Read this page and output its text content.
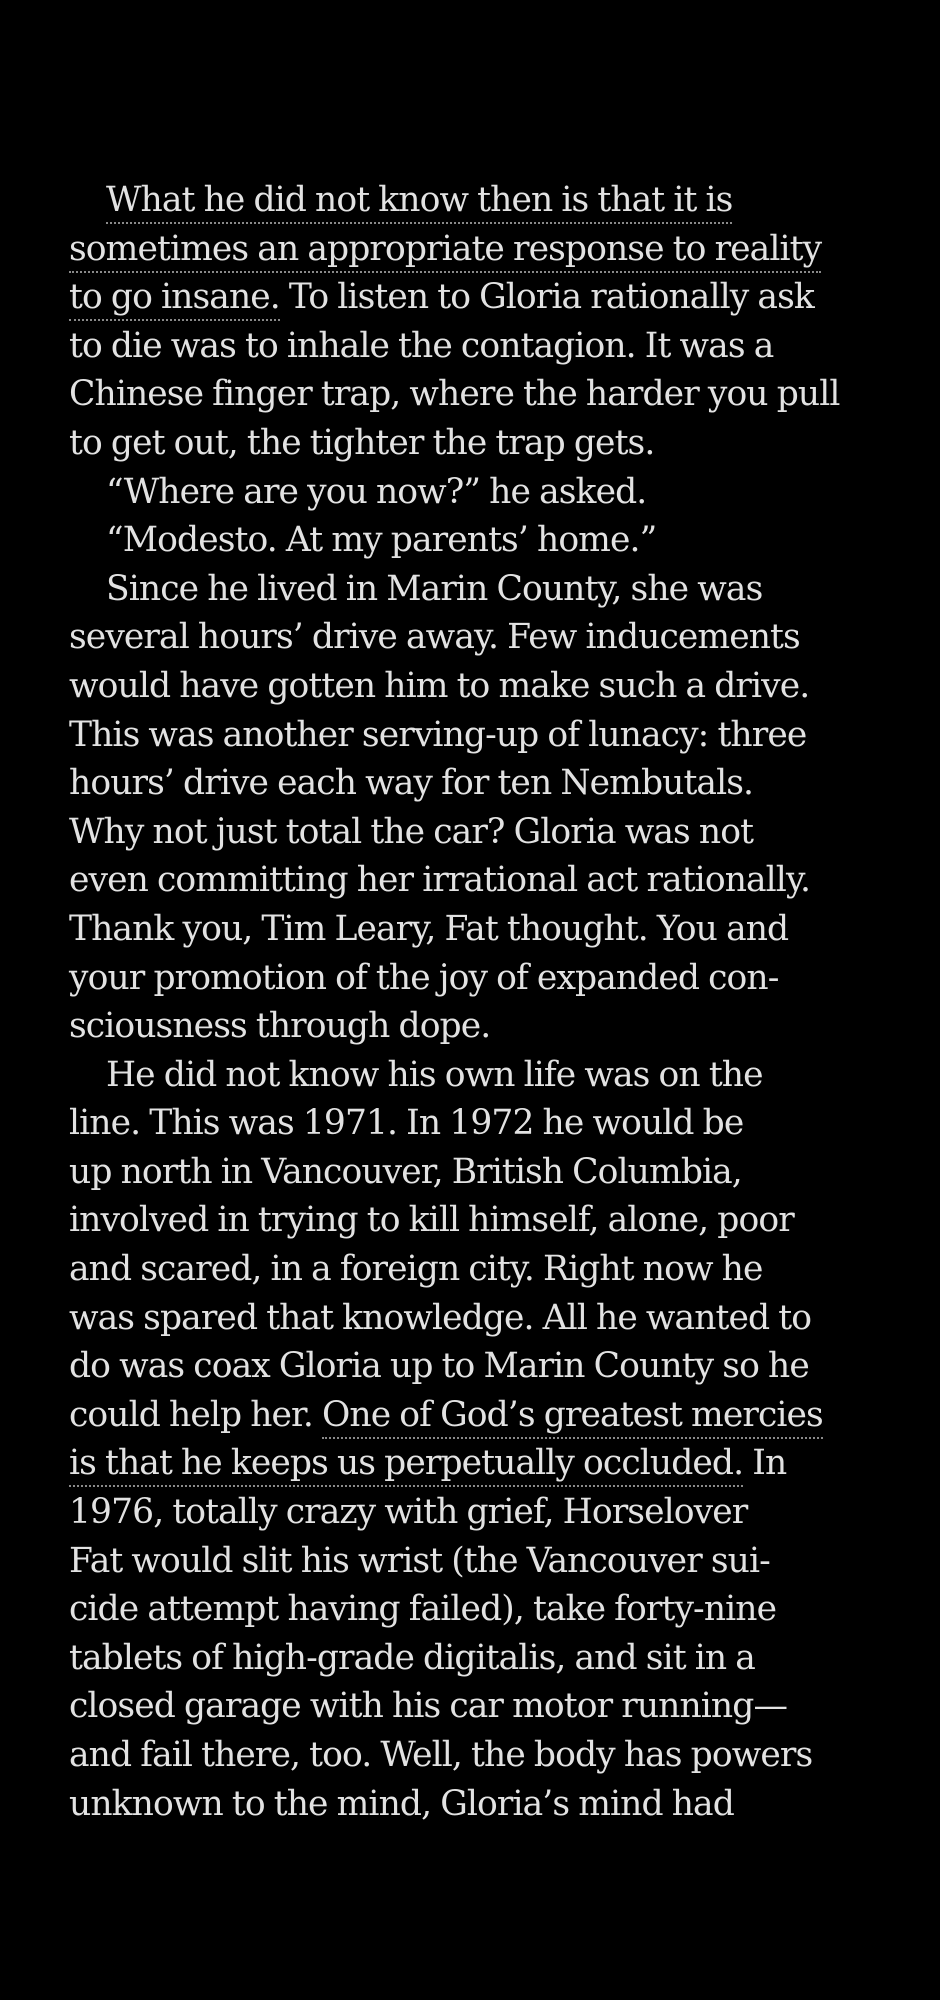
What he did not know then is that it is
sometimes an appropriate response to reality
to go insane. To listen to Gloria rationally ask
to die was to inhale the contagion. It was a
Chinese finger trap, where the harder you pull
to get out, the tighter the trap gets.
“Where are you now?” he asked.
“Modesto. At my parents’ home.”
Since he lived in Marin County, she was
several hours’ drive away. Few inducements
would have gotten him to make such a drive.
This was another serving-up of lunacy: three
hours’ drive each way for ten Nembutals.
Why not just total the car? Gloria was not
even committing her irrational act rationally.
Thank you, Tim Leary, Fat thought. You and
your promotion of the joy of expanded con-
sciousness through dope.
He did not know his own life was on the
line. This was 1971. In 1972 he would be
up north in Vancouver, British Columbia,
involved in trying to kill himself, alone, poor
and scared, in a foreign city. Right now he
was spared that knowledge. All he wanted to
do was coax Gloria up to Marin County so he
could help her. One of God’s greatest mercies
is that he keeps us perpetually occluded. In
1976, totally crazy with grief, Horselover
Fat would slit his wrist (the Vancouver sui-
cide attempt having failed), take forty-nine
tablets of high-grade digitalis, and sit in a
closed garage with his car motor running—
and fail there, too. Well, the body has powers
unknown to the mind, Gloria’s mind had
